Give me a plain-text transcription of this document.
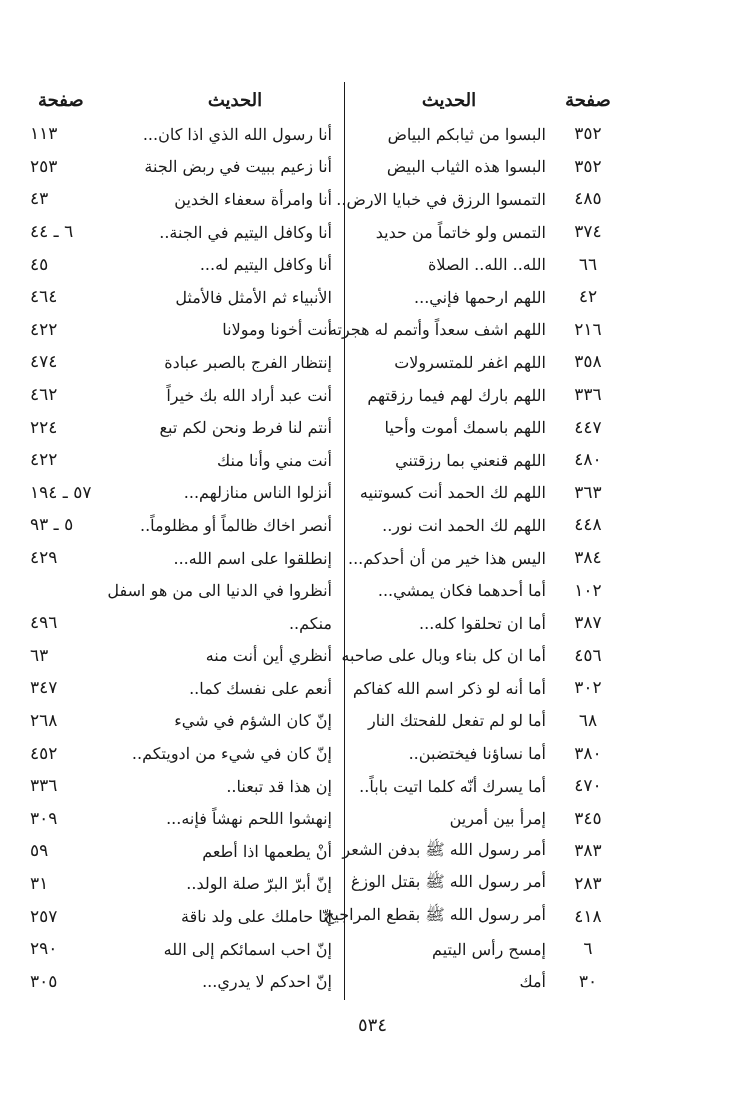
صفحة
الحديث
٣٥٢
البسوا من ثيابكم البياض
٣٥٢
البسوا هذه الثياب البيض
٤٨٥
التمسوا الرزق في خبايا الارض..
٣٧٤
التمس ولو خاتماً من حديد
٦٦
الله.. الله.. الصلاة
٤٢
اللهم ارحمها فإني...
٢١٦
اللهم اشف سعداً وأتمم له هجرته
٣٥٨
اللهم اغفر للمتسرولات
٣٣٦
اللهم بارك لهم فيما رزقتهم
٤٤٧
اللهم باسمك أموت وأحيا
٤٨٠
اللهم قنعني بما رزقتني
٣٦٣
اللهم لك الحمد أنت كسوتنيه
٤٤٨
اللهم لك الحمد انت نور..
٣٨٤
اليس هذا خير من أن أحدكم...
١٠٢
أما أحدهما فكان يمشي...
٣٨٧
أما ان تحلقوا كله...
٤٥٦
أما ان كل بناء وبال على صاحبه
٣٠٢
أما أنه لو ذكر اسم الله كفاكم
٦٨
أما لو لم تفعل للفحتك النار
٣٨٠
أما نساؤنا فيختضبن..
٤٧٠
أما يسرك أنّه كلما اتيت باباً..
٣٤٥
إمرأ بين أمرين
٣٨٣
أمر رسول الله ﷺ بدفن الشعر
٢٨٣
أمر رسول الله ﷺ بقتل الوزغ
٤١٨
أمر رسول الله ﷺ بقطع المراجيح
٦
إمسح رأس اليتيم
٣٠
أمك
الحديث
صفحة
أنا رسول الله الذي اذا كان...
١١٣
أنا زعيم ببيت في ربض الجنة
٢٥٣
أنا وامرأة سعفاء الخدين
٤٣
أنا وكافل اليتيم في الجنة..
٦ ـ ٤٤
أنا وكافل اليتيم له...
٤٥
الأنبياء ثم الأمثل فالأمثل
٤٦٤
أنت أخونا ومولانا
٤٢٢
إنتظار الفرج بالصبر عبادة
٤٧٤
أنت عبد أراد الله بك خيراً
٤٦٢
أنتم لنا فرط ونحن لكم تبع
٢٢٤
أنت مني وأنا منك
٤٢٢
أنزلوا الناس منازلهم...
٥٧ ـ ١٩٤
أنصر اخاك ظالماً أو مظلوماً..
٥ ـ ٩٣
إنطلقوا على اسم الله...
٤٢٩
أنظروا في الدنيا الى من هو اسفل
منكم..
٤٩٦
أنظري أين أنت منه
٦٣
أنعم على نفسك كما..
٣٤٧
إنّ كان الشؤم في شيء
٢٦٨
إنّ كان في شيء من ادويتكم..
٤٥٢
إن هذا قد تبعنا..
٣٣٦
إنهشوا اللحم نهشاً فإنه...
٣٠٩
أنْ يطعمها اذا أطعم
٥٩
إنّ أبرّ البرّ صلة الولد..
٣١
إنّا حاملك على ولد ناقة
٢٥٧
إنّ احب اسمائكم إلى الله
٢٩٠
إنّ احدكم لا يدري...
٣٠٥
٥٣٤
